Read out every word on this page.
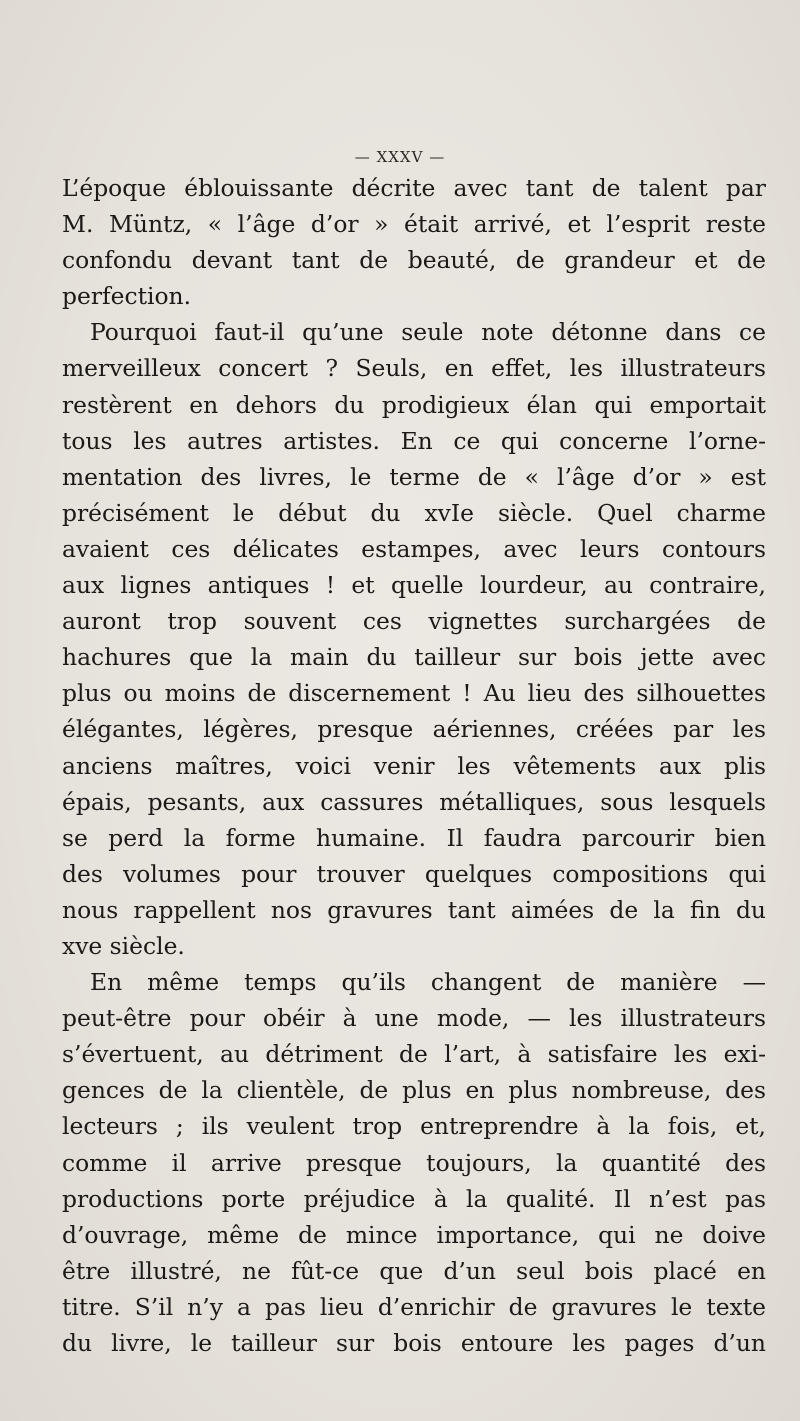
— XXXV —
L’époque éblouissante décrite avec tant de talent par
M. Müntz, « l’âge d’or » était arrivé, et l’esprit reste
confondu devant tant de beauté, de grandeur et de
perfection.
Pourquoi faut-il qu’une seule note détonne dans ce
merveilleux concert ? Seuls, en effet, les illustrateurs
restèrent en dehors du prodigieux élan qui emportait
tous les autres artistes. En ce qui concerne l’orne-
mentation des livres, le terme de « l’âge d’or » est
précisément le début du xvIe siècle. Quel charme
avaient ces délicates estampes, avec leurs contours
aux lignes antiques ! et quelle lourdeur, au contraire,
auront trop souvent ces vignettes surchargées de
hachures que la main du tailleur sur bois jette avec
plus ou moins de discernement ! Au lieu des silhouettes
élégantes, légères, presque aériennes, créées par les
anciens maîtres, voici venir les vêtements aux plis
épais, pesants, aux cassures métalliques, sous lesquels
se perd la forme humaine. Il faudra parcourir bien
des volumes pour trouver quelques compositions qui
nous rappellent nos gravures tant aimées de la fin du
xve siècle.
En même temps qu’ils changent de manière —
peut-être pour obéir à une mode, — les illustrateurs
s’évertuent, au détriment de l’art, à satisfaire les exi-
gences de la clientèle, de plus en plus nombreuse, des
lecteurs ; ils veulent trop entreprendre à la fois, et,
comme il arrive presque toujours, la quantité des
productions porte préjudice à la qualité. Il n’est pas
d’ouvrage, même de mince importance, qui ne doive
être illustré, ne fût-ce que d’un seul bois placé en
titre. S’il n’y a pas lieu d’enrichir de gravures le texte
du livre, le tailleur sur bois entoure les pages d’un
